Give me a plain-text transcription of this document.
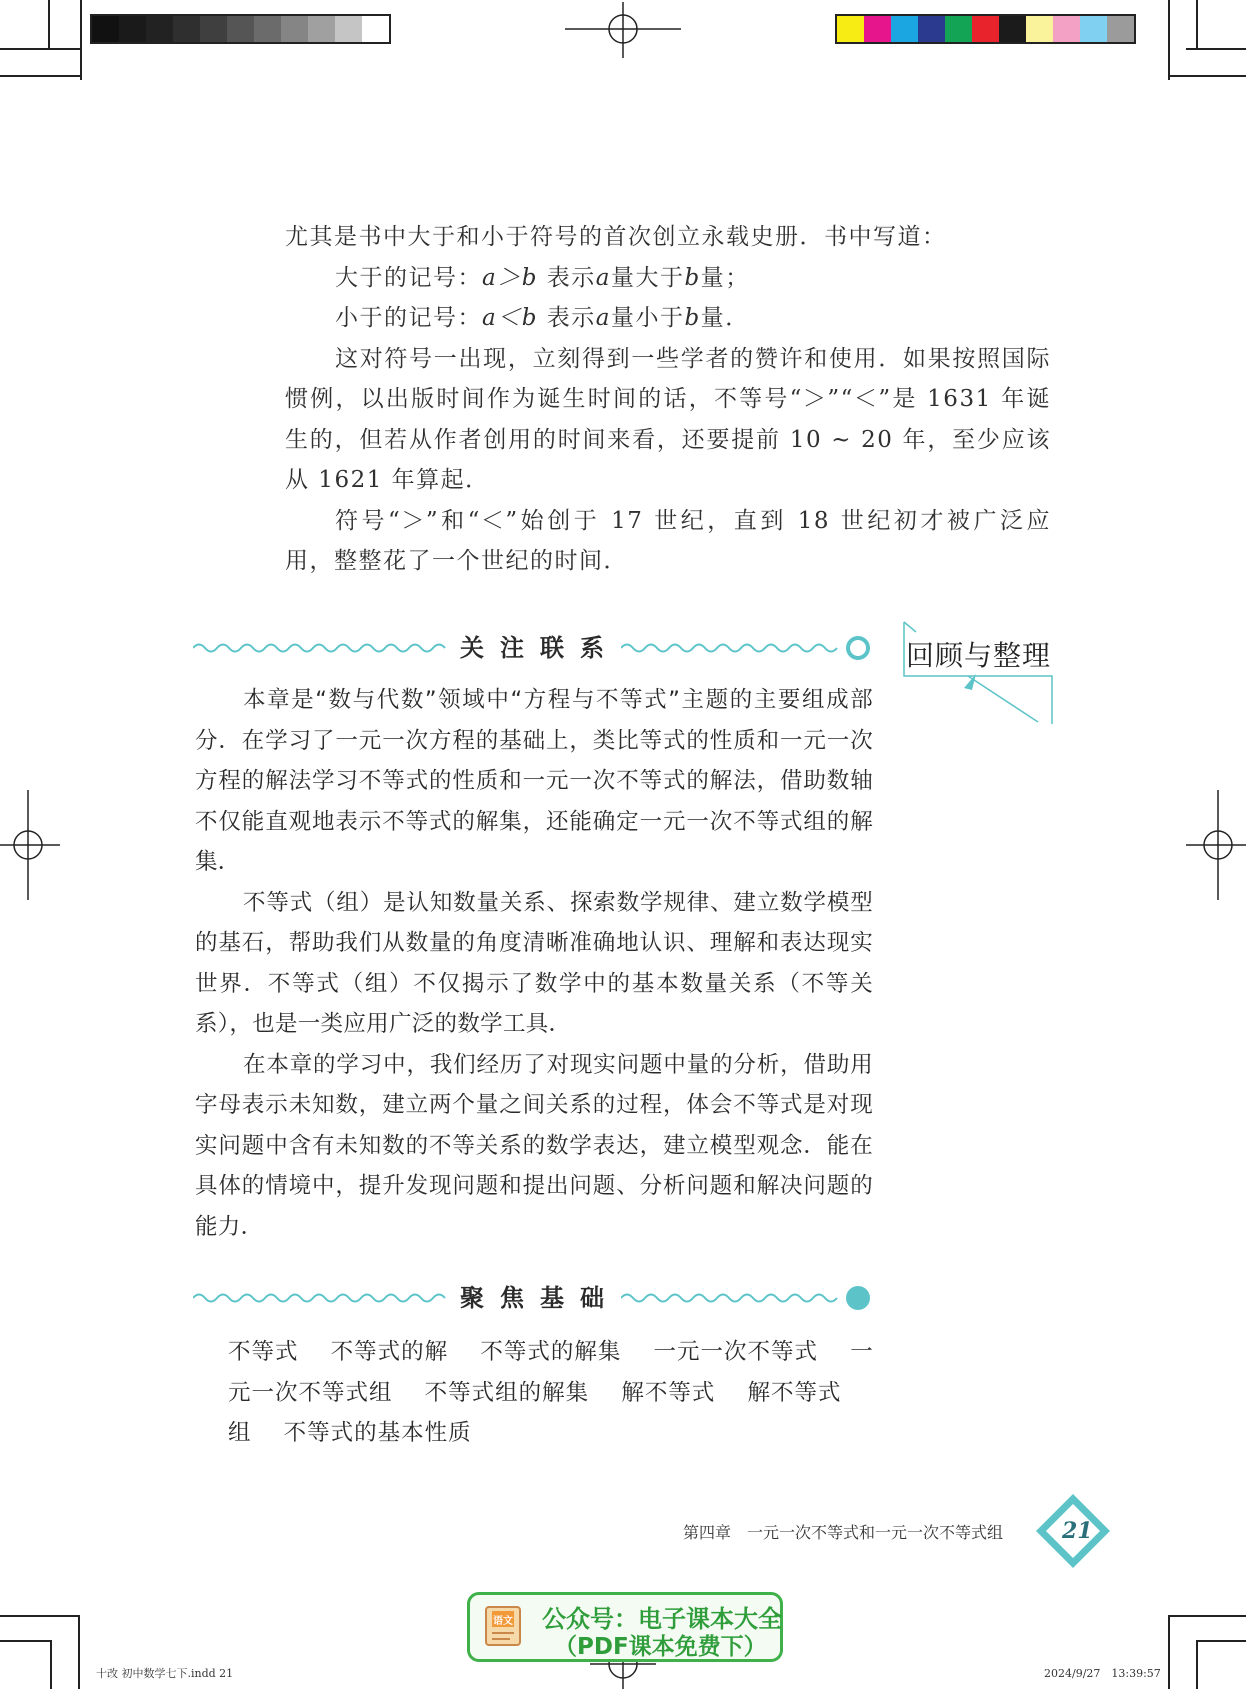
尤其是书中大于和小于符号的首次创立永载史册．书中写道：

大于的记号：a＞b 表示a量大于b量；

小于的记号：a＜b 表示a量小于b量．

这对符号一出现，立刻得到一些学者的赞许和使用．如果按照国际惯例，以出版时间作为诞生时间的话，不等号“＞”“＜”是 1631 年诞生的，但若从作者创用的时间来看，还要提前 10 ~ 20 年，至少应该从 1621 年算起．

符号“＞”和“＜”始创于 17 世纪，直到 18 世纪初才被广泛应用，整整花了一个世纪的时间．

关注联系	回顾与整理

本章是“数与代数”领域中“方程与不等式”主题的主要组成部分．在学习了一元一次方程的基础上，类比等式的性质和一元一次方程的解法学习不等式的性质和一元一次不等式的解法，借助数轴不仅能直观地表示不等式的解集，还能确定一元一次不等式组的解集．

不等式（组）是认知数量关系、探索数学规律、建立数学模型的基石，帮助我们从数量的角度清晰准确地认识、理解和表达现实世界．不等式（组）不仅揭示了数学中的基本数量关系（不等关系），也是一类应用广泛的数学工具．

在本章的学习中，我们经历了对现实问题中量的分析，借助用字母表示未知数，建立两个量之间关系的过程，体会不等式是对现实问题中含有未知数的不等关系的数学表达，建立模型观念．能在具体的情境中，提升发现问题和提出问题、分析问题和解决问题的能力．

聚焦基础
不等式 不等式的解 不等式的解集 一元一次不等式 一元一次不等式组 不等式组的解集 解不等式 解不等式组 不等式的基本性质
第四章　一元一次不等式和一元一次不等式组	21
十改 初中数学七下.indd 21	2024/9/27　13:39:57
语文 公众号：电子课本大全
（PDF课本免费下）
